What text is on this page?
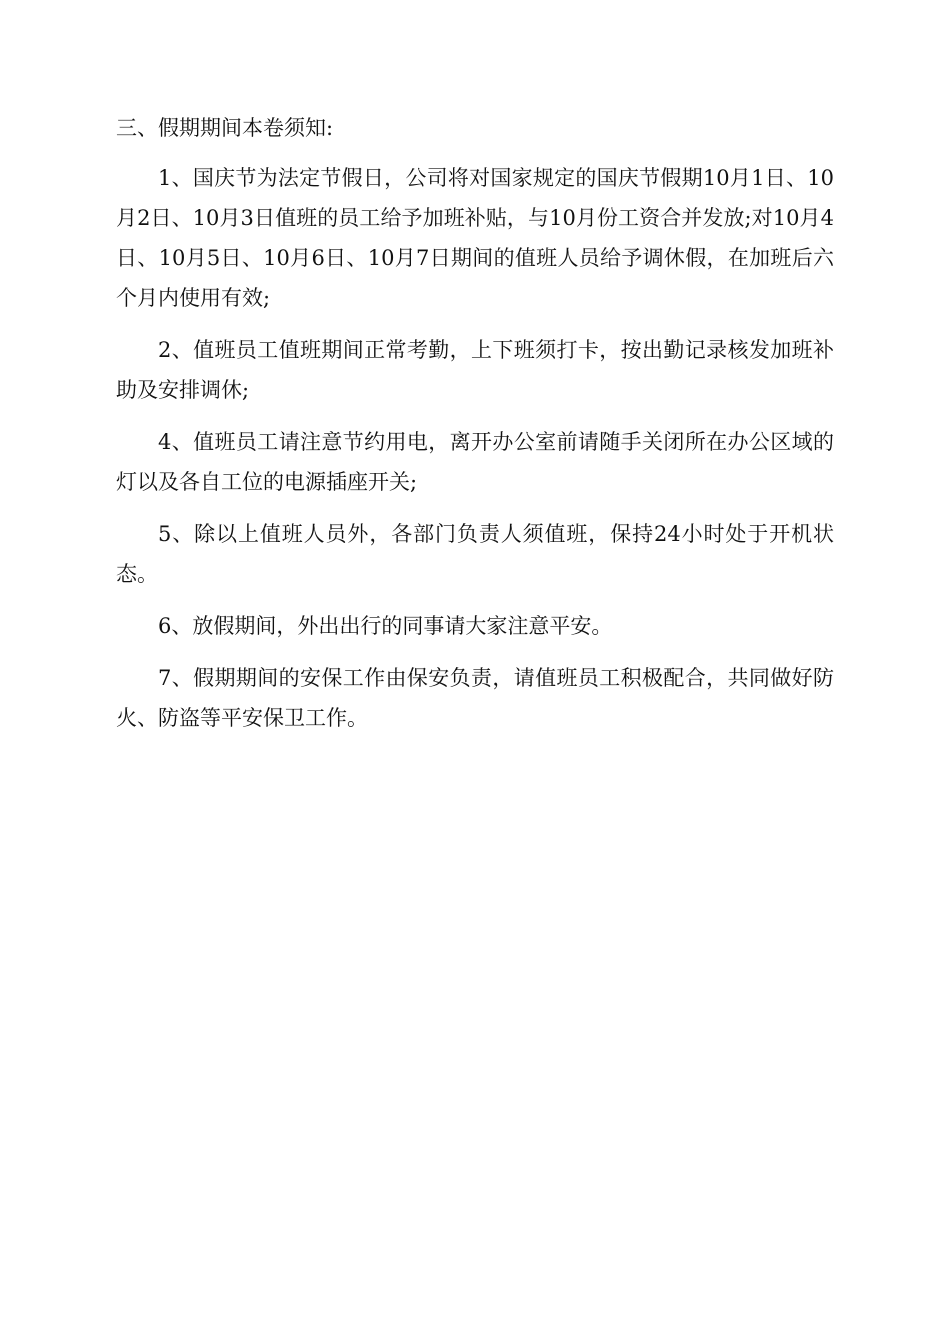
三、假期期间本卷须知:

1、国庆节为法定节假日，公司将对国家规定的国庆节假期10月1日、10月2日、10月3日值班的员工给予加班补贴，与10月份工资合并发放;对10月4日、10月5日、10月6日、10月7日期间的值班人员给予调休假，在加班后六个月内使用有效;

2、值班员工值班期间正常考勤，上下班须打卡，按出勤记录核发加班补助及安排调休;

4、值班员工请注意节约用电，离开办公室前请随手关闭所在办公区域的灯以及各自工位的电源插座开关;

5、除以上值班人员外，各部门负责人须值班，保持24小时处于开机状态。

6、放假期间，外出出行的同事请大家注意平安。

7、假期期间的安保工作由保安负责，请值班员工积极配合，共同做好防火、防盗等平安保卫工作。
